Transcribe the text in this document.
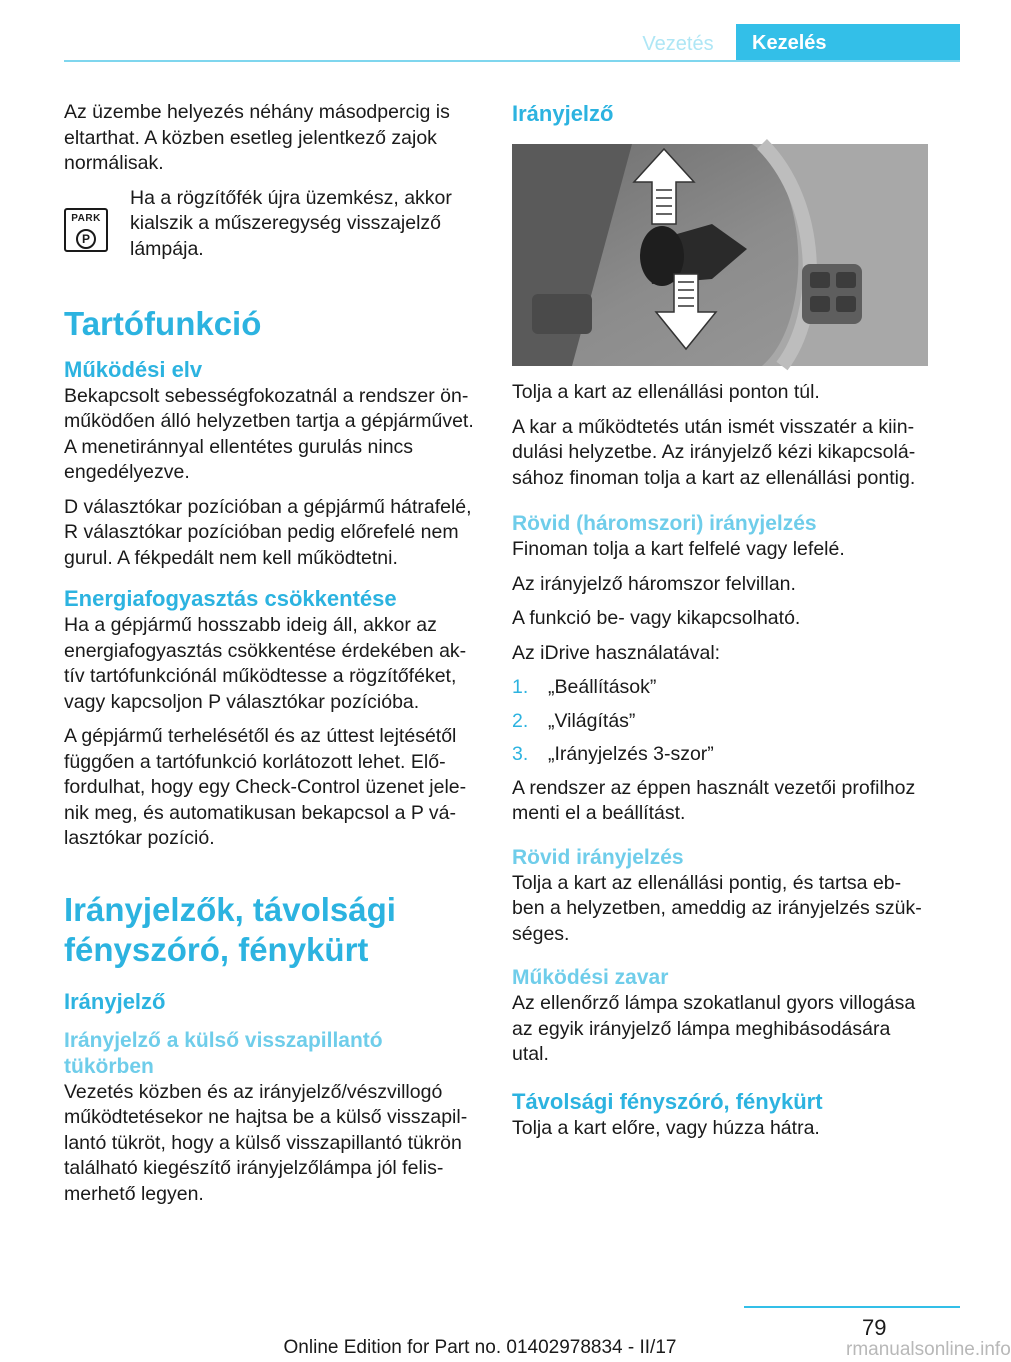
Vezetés	Kezelés

Az üzembe helyezés néhány másodpercig is eltarthat. A közben esetleg jelentkező zajok normálisak.

PARK
P
Ha a rögzítőfék újra üzemkész, akkor kialszik a műszeregység visszajelző lámpája.
Tartófunkció
Működési elv

Bekapcsolt sebességfokozatnál a rendszer önműködően álló helyzetben tartja a gépjárművet. A menetiránnyal ellentétes gurulás nincs engedélyezve.

D választókar pozícióban a gépjármű hátrafelé, R választókar pozícióban pedig előrefelé nem gurul. A fékpedált nem kell működtetni.

Energiafogyasztás csökkentése

Ha a gépjármű hosszabb ideig áll, akkor az energiafogyasztás csökkentése érdekében aktív tartófunkciónál működtesse a rögzítőféket, vagy kapcsoljon P választókar pozícióba.

A gépjármű terhelésétől és az úttest lejtésétől függően a tartófunkció korlátozott lehet. Előfordulhat, hogy egy Check-Control üzenet jelenik meg, és automatikusan bekapcsol a P választókar pozíció.

Irányjelzők, távolsági fényszóró, fénykürt
Irányjelző
Irányjelző a külső visszapillantó tükörben

Vezetés közben és az irányjelző/vészvillogó működtetésekor ne hajtsa be a külső visszapillantó tükröt, hogy a külső visszapillantó tükrön található kiegészítő irányjelzőlámpa jól felismerhető legyen.

Irányjelző

Tolja a kart az ellenállási ponton túl.

A kar a működtetés után ismét visszatér a kiindulási helyzetbe. Az irányjelző kézi kikapcsolásához finoman tolja a kart az ellenállási pontig.

Rövid (háromszori) irányjelzés

Finoman tolja a kart felfelé vagy lefelé.

Az irányjelző háromszor felvillan.

A funkció be- vagy kikapcsolható.

Az iDrive használatával:

1. „Beállítások”
2. „Világítás”
3. „Irányjelzés 3-szor”

A rendszer az éppen használt vezetői profilhoz menti el a beállítást.

Rövid irányjelzés

Tolja a kart az ellenállási pontig, és tartsa ebben a helyzetben, ameddig az irányjelzés szükséges.

Működési zavar

Az ellenőrző lámpa szokatlanul gyors villogása az egyik irányjelző lámpa meghibásodására utal.

Távolsági fényszóró, fénykürt

Tolja a kart előre, vagy húzza hátra.

79
Online Edition for Part no. 01402978834 - II/17	rmanualsonline.info
